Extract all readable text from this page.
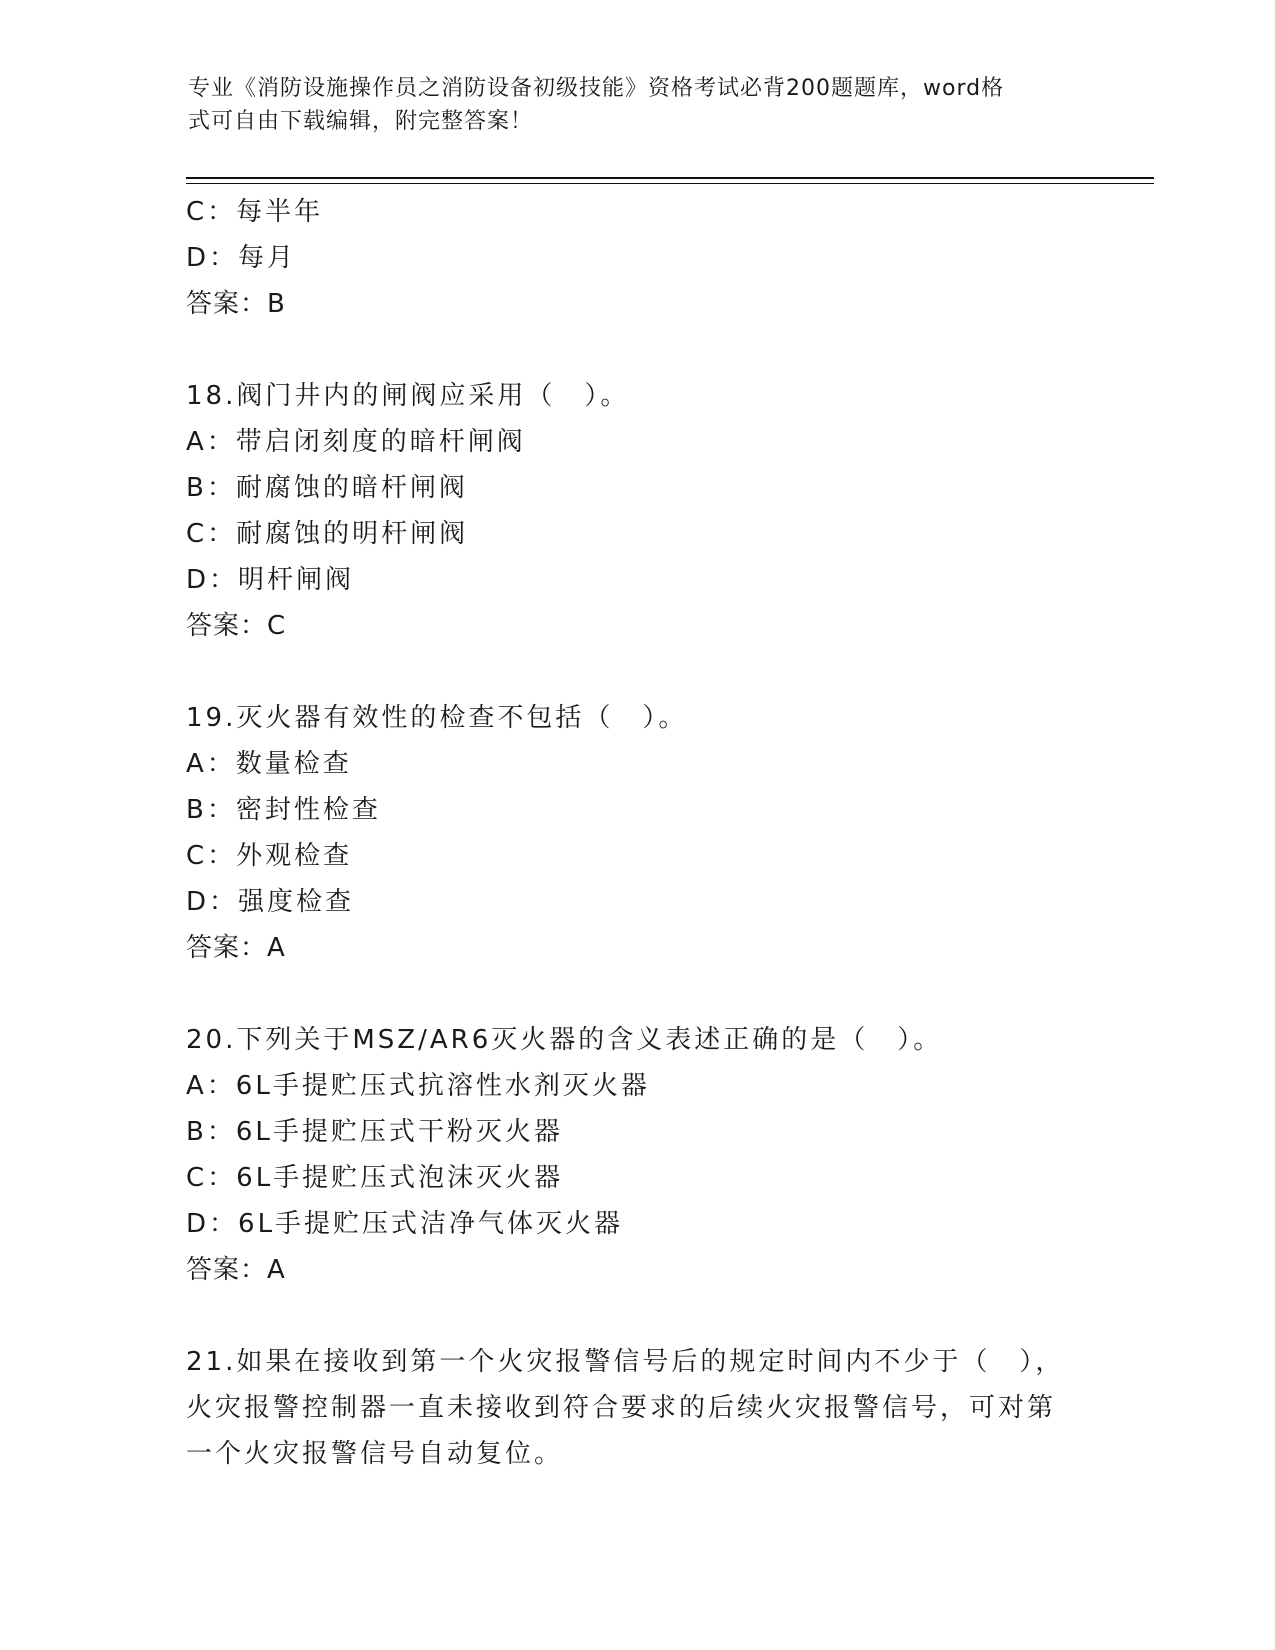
专业《消防设施操作员之消防设备初级技能》资格考试必背200题题库，word格
式可自由下载编辑，附完整答案！
C：每半年
D：每月
答案：B
18.阀门井内的闸阀应采用（　）。
A：带启闭刻度的暗杆闸阀
B：耐腐蚀的暗杆闸阀
C：耐腐蚀的明杆闸阀
D：明杆闸阀
答案：C
19.灭火器有效性的检查不包括（　）。
A：数量检查
B：密封性检查
C：外观检查
D：强度检查
答案：A
20.下列关于MSZ/AR6灭火器的含义表述正确的是（　）。
A：6L手提贮压式抗溶性水剂灭火器
B：6L手提贮压式干粉灭火器
C：6L手提贮压式泡沫灭火器
D：6L手提贮压式洁净气体灭火器
答案：A
21.如果在接收到第一个火灾报警信号后的规定时间内不少于（　），
火灾报警控制器一直未接收到符合要求的后续火灾报警信号，可对第
一个火灾报警信号自动复位。
